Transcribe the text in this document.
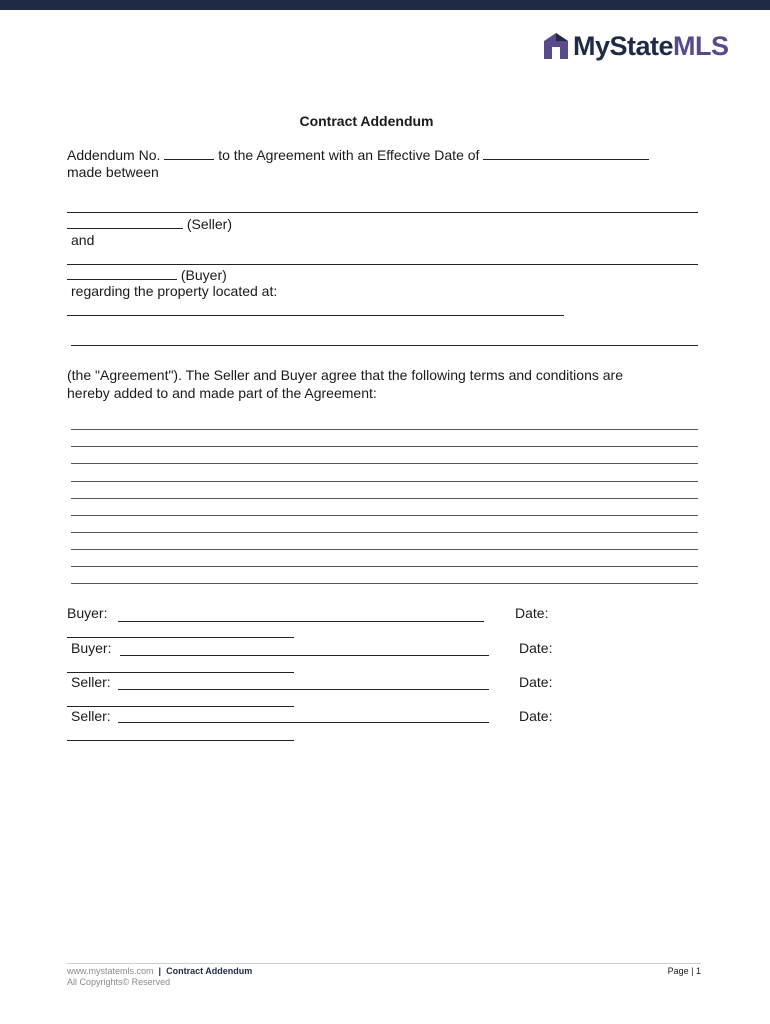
MyStateMLS
Contract Addendum
Addendum No.	to the Agreement with an Effective Date of
made between
(Seller)
and
(Buyer)
regarding the property located at:
(the "Agreement"). The Seller and Buyer agree that the following terms and conditions are
hereby added to and made part of the Agreement:
Buyer:	Date:
Buyer:	Date:
Seller:	Date:
Seller:	Date:
www.mystatemls.com | Contract Addendum
All Copyrights© Reserved
Page | 1
